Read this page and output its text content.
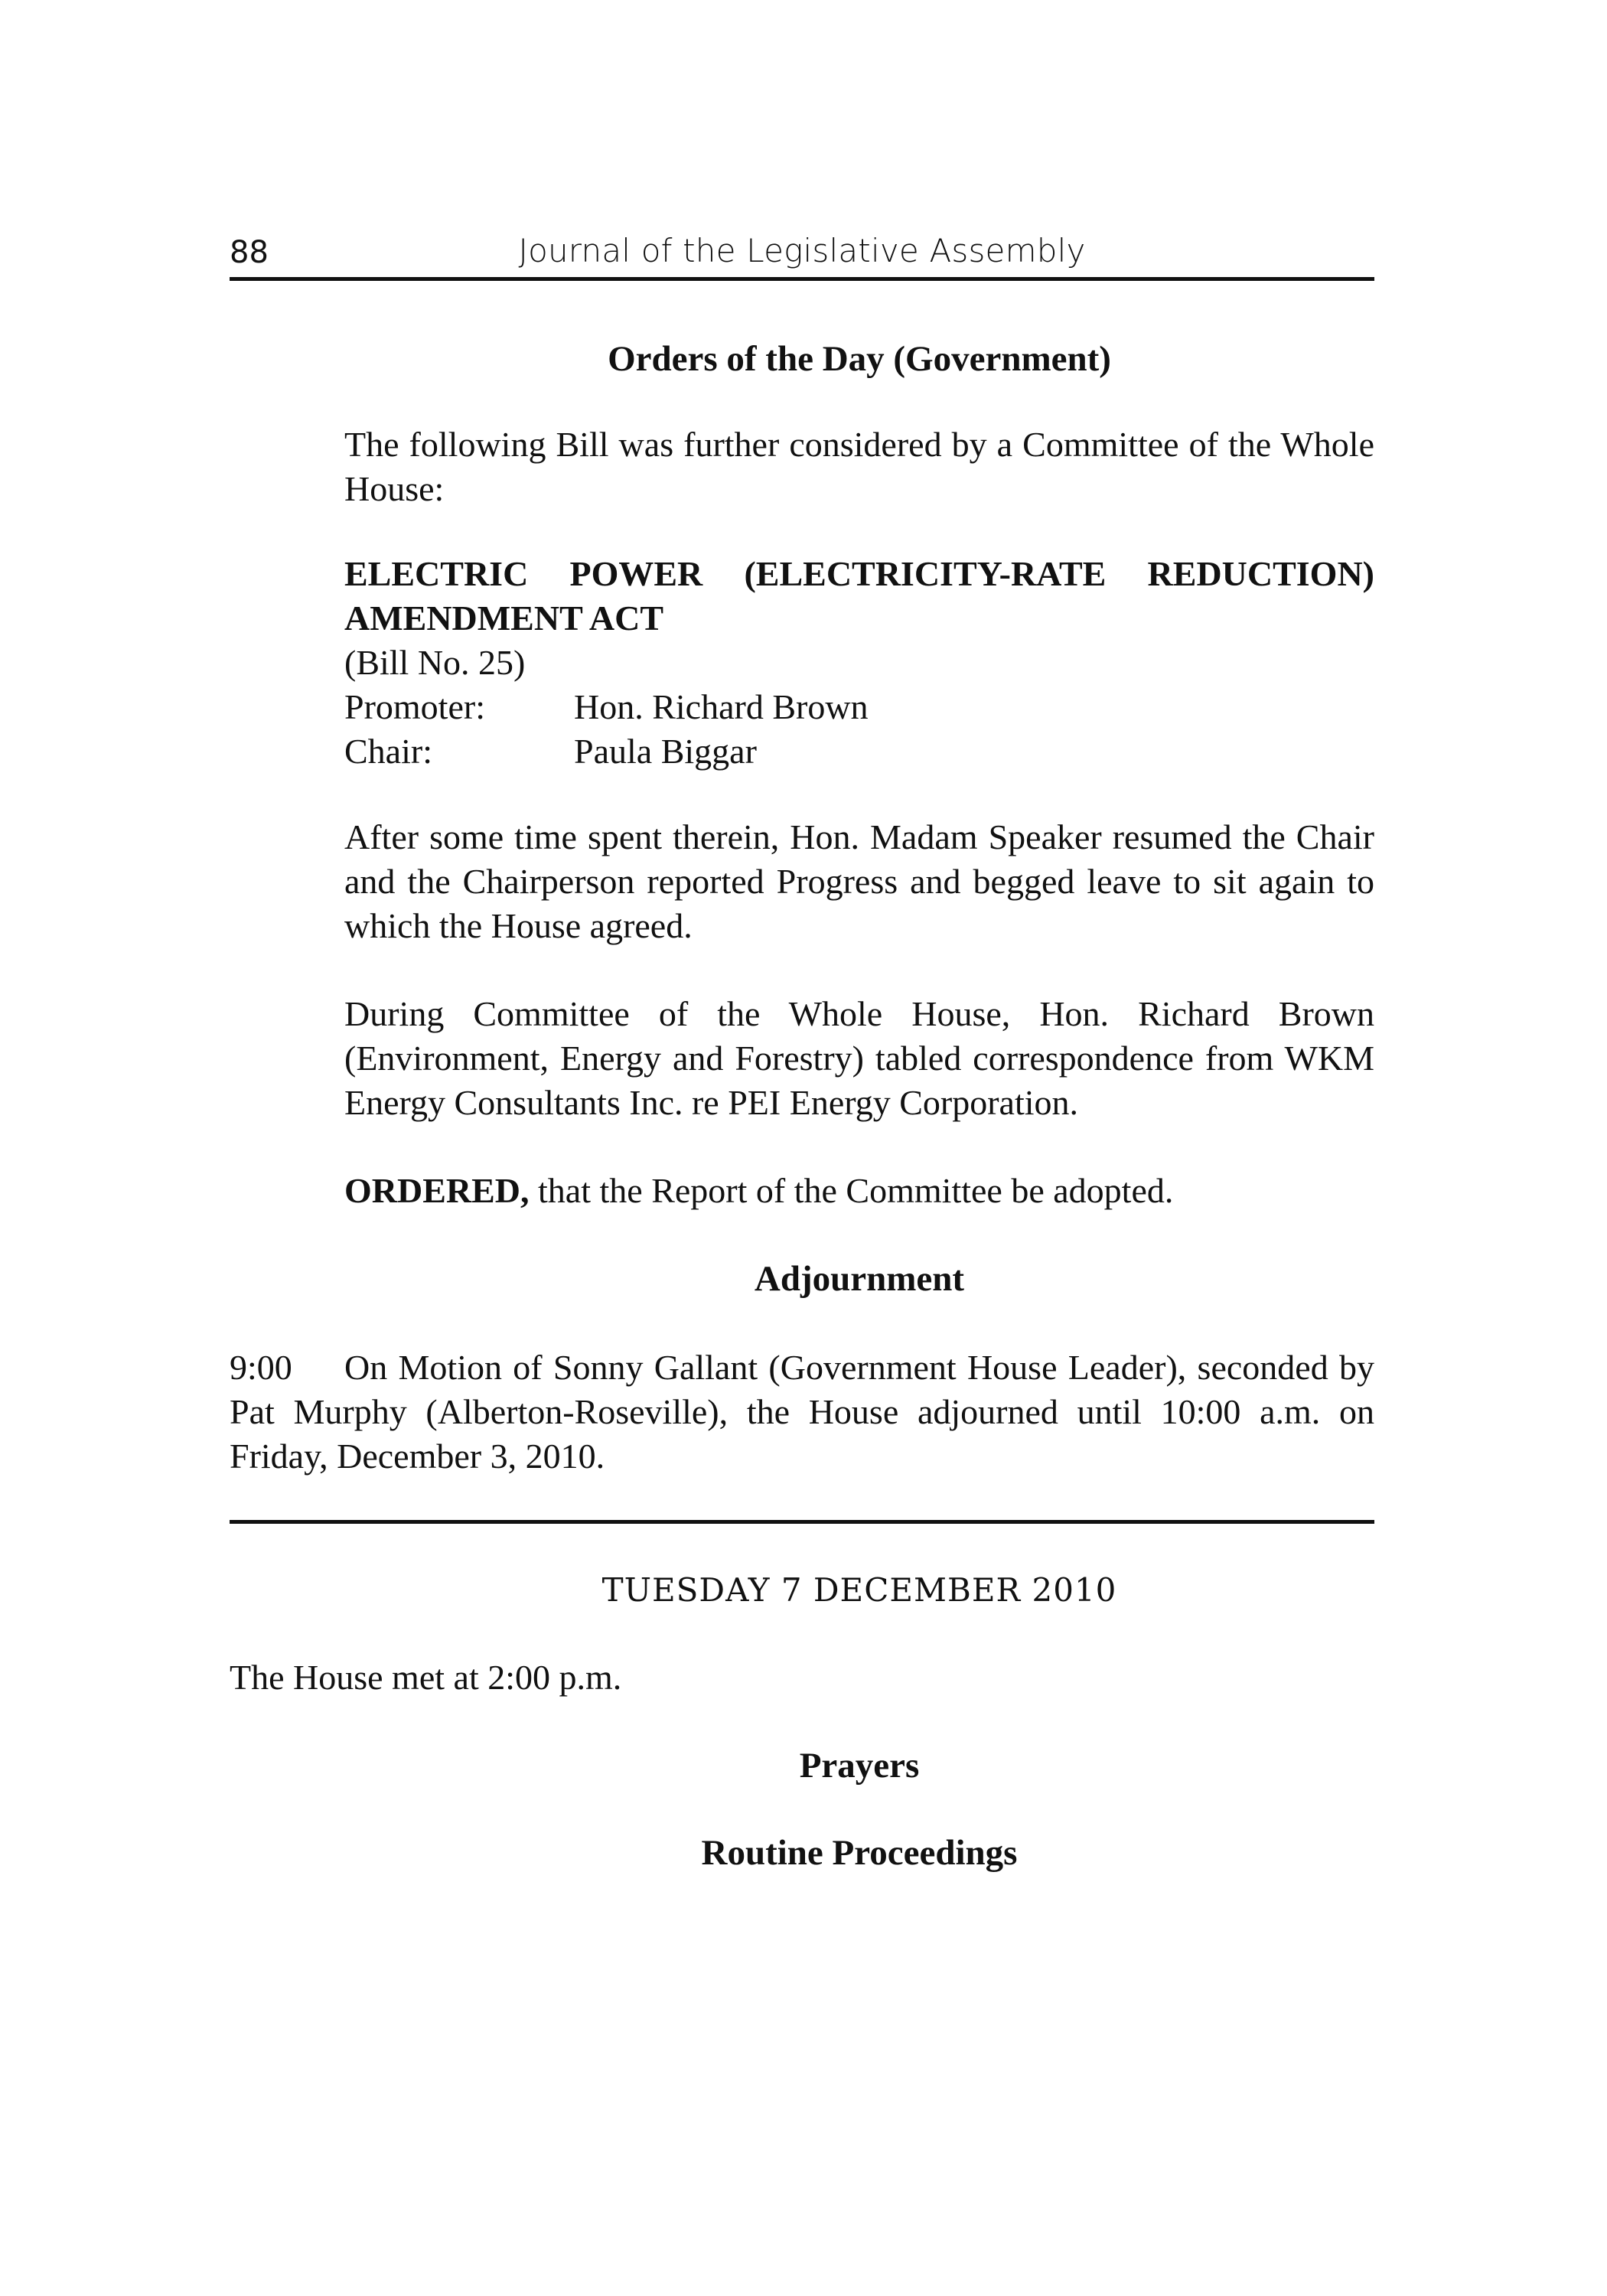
88	Journal of the Legislative Assembly
Orders of the Day (Government)

The following Bill was further considered by a Committee of the Whole House:

ELECTRIC POWER (ELECTRICITY-RATE REDUCTION)
AMENDMENT ACT
(Bill No. 25)
Promoter:	Hon. Richard Brown
Chair:	Paula Biggar

After some time spent therein, Hon. Madam Speaker resumed the Chair and the Chairperson reported Progress and begged leave to sit again to which the House agreed.

During Committee of the Whole House, Hon. Richard Brown (Environment, Energy and Forestry) tabled correspondence from WKM Energy Consultants Inc. re PEI Energy Corporation.

ORDERED, that the Report of the Committee be adopted.

Adjournment

9:00 On Motion of Sonny Gallant (Government House Leader), seconded by Pat Murphy (Alberton-Roseville), the House adjourned until 10:00 a.m. on Friday, December 3, 2010.

TUESDAY 7 DECEMBER 2010

The House met at 2:00 p.m.

Prayers
Routine Proceedings
